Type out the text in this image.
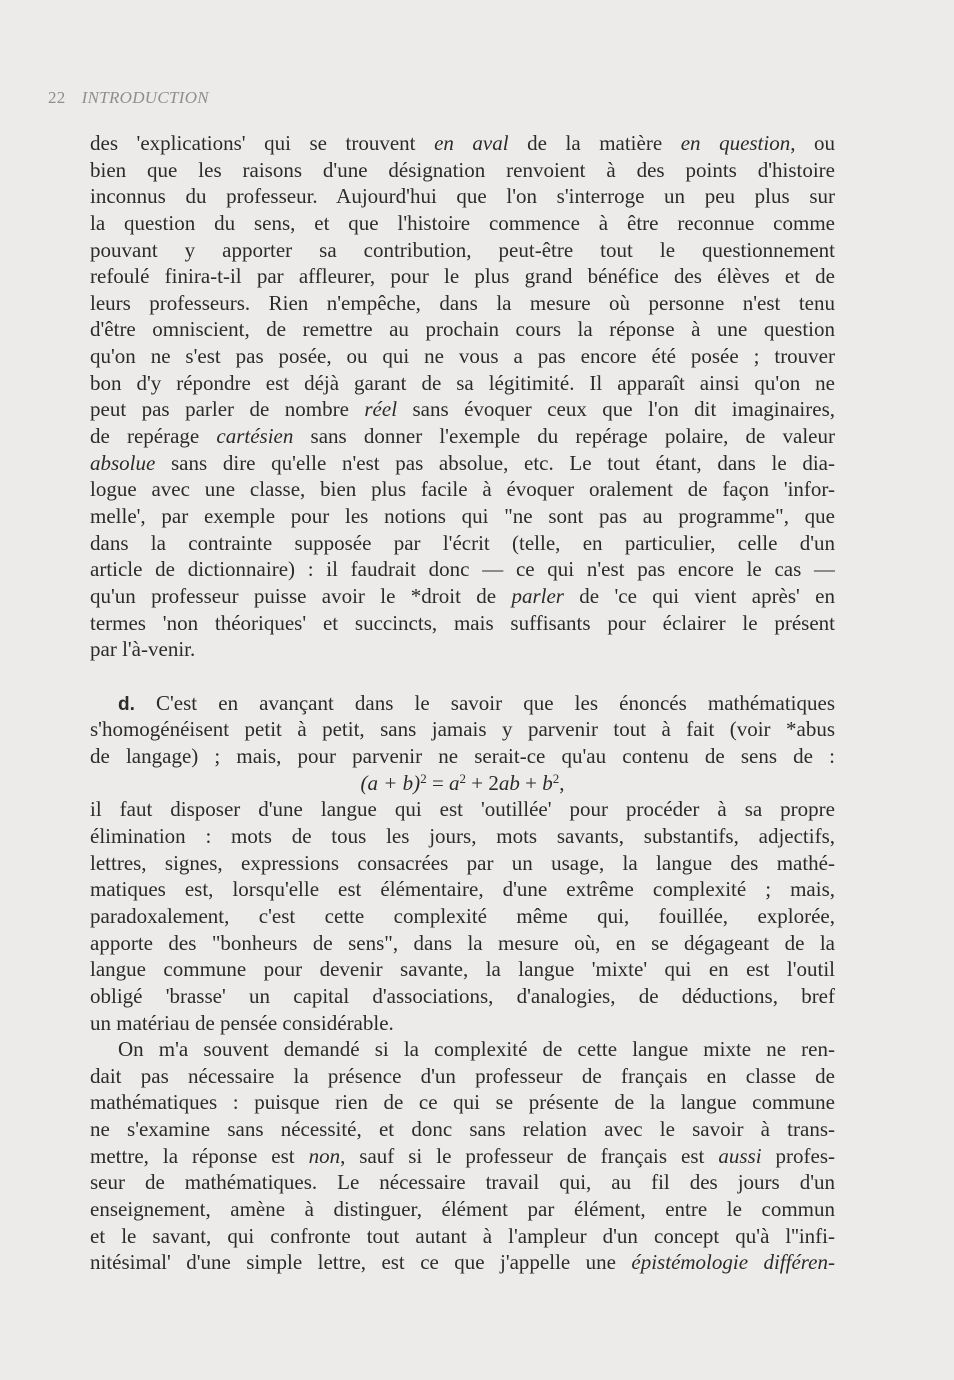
22 INTRODUCTION
des 'explications' qui se trouvent en aval de la matière en question, ou
bien que les raisons d'une désignation renvoient à des points d'histoire
inconnus du professeur. Aujourd'hui que l'on s'interroge un peu plus sur
la question du sens, et que l'histoire commence à être reconnue comme
pouvant y apporter sa contribution, peut-être tout le questionnement
refoulé finira-t-il par affleurer, pour le plus grand bénéfice des élèves et de
leurs professeurs. Rien n'empêche, dans la mesure où personne n'est tenu
d'être omniscient, de remettre au prochain cours la réponse à une question
qu'on ne s'est pas posée, ou qui ne vous a pas encore été posée ; trouver
bon d'y répondre est déjà garant de sa légitimité. Il apparaît ainsi qu'on ne
peut pas parler de nombre réel sans évoquer ceux que l'on dit imaginaires,
de repérage cartésien sans donner l'exemple du repérage polaire, de valeur
absolue sans dire qu'elle n'est pas absolue, etc. Le tout étant, dans le dia-
logue avec une classe, bien plus facile à évoquer oralement de façon 'infor-
melle', par exemple pour les notions qui "ne sont pas au programme", que
dans la contrainte supposée par l'écrit (telle, en particulier, celle d'un
article de dictionnaire) : il faudrait donc — ce qui n'est pas encore le cas —
qu'un professeur puisse avoir le *droit de parler de 'ce qui vient après' en
termes 'non théoriques' et succincts, mais suffisants pour éclairer le présent
par l'à-venir.
d. C'est en avançant dans le savoir que les énoncés mathématiques
s'homogénéisent petit à petit, sans jamais y parvenir tout à fait (voir *abus
de langage) ; mais, pour parvenir ne serait-ce qu'au contenu de sens de :
$(a + b)^2 = a^2 + 2ab + b^2$,
il faut disposer d'une langue qui est 'outillée' pour procéder à sa propre
élimination : mots de tous les jours, mots savants, substantifs, adjectifs,
lettres, signes, expressions consacrées par un usage, la langue des mathé-
matiques est, lorsqu'elle est élémentaire, d'une extrême complexité ; mais,
paradoxalement, c'est cette complexité même qui, fouillée, explorée,
apporte des "bonheurs de sens", dans la mesure où, en se dégageant de la
langue commune pour devenir savante, la langue 'mixte' qui en est l'outil
obligé 'brasse' un capital d'associations, d'analogies, de déductions, bref
un matériau de pensée considérable.
On m'a souvent demandé si la complexité de cette langue mixte ne ren-
dait pas nécessaire la présence d'un professeur de français en classe de
mathématiques : puisque rien de ce qui se présente de la langue commune
ne s'examine sans nécessité, et donc sans relation avec le savoir à trans-
mettre, la réponse est non, sauf si le professeur de français est aussi profes-
seur de mathématiques. Le nécessaire travail qui, au fil des jours d'un
enseignement, amène à distinguer, élément par élément, entre le commun
et le savant, qui confronte tout autant à l'ampleur d'un concept qu'à l''infi-
nitésimal' d'une simple lettre, est ce que j'appelle une épistémologie différen-
